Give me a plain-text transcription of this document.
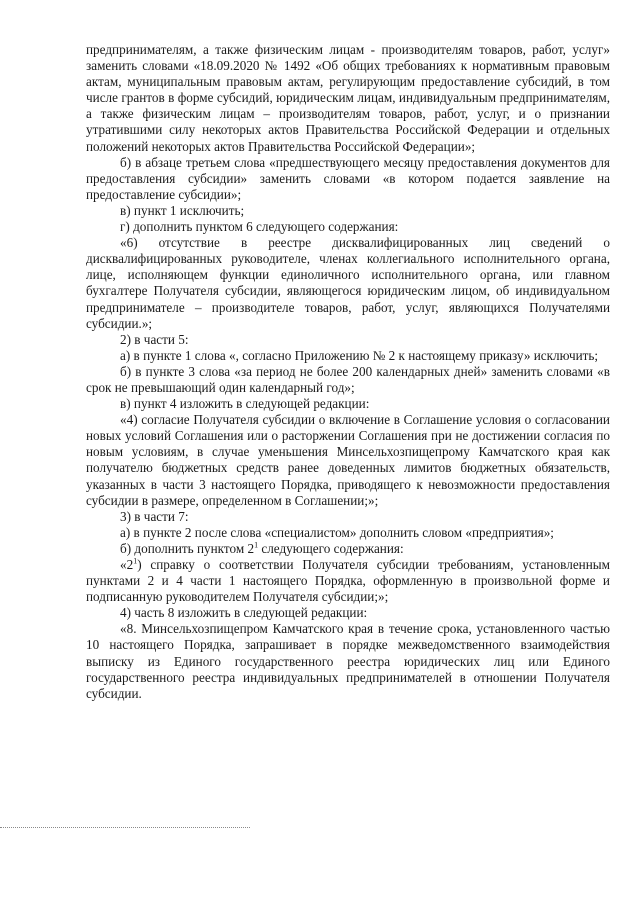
предпринимателям, а также физическим лицам - производителям товаров, работ, услуг» заменить словами «18.09.2020 № 1492 «Об общих требованиях к нормативным правовым актам, муниципальным правовым актам, регулирующим предоставление субсидий, в том числе грантов в форме субсидий, юридическим лицам, индивидуальным предпринимателям, а также физическим лицам – производителям товаров, работ, услуг, и о признании утратившими силу некоторых актов Правительства Российской Федерации и отдельных положений некоторых актов Правительства Российской Федерации»;

б) в абзаце третьем слова «предшествующего месяцу предоставления документов для предоставления субсидии» заменить словами «в котором подается заявление на предоставление субсидии»;

в) пункт 1 исключить;

г) дополнить пунктом 6 следующего содержания:

«6) отсутствие в реестре дисквалифицированных лиц сведений о дисквалифицированных руководителе, членах коллегиального исполнительного органа, лице, исполняющем функции единоличного исполнительного органа, или главном бухгалтере Получателя субсидии, являющегося юридическим лицом, об индивидуальном предпринимателе – производителе товаров, работ, услуг, являющихся Получателями субсидии.»;

2) в части 5:

а) в пункте 1 слова «, согласно Приложению № 2 к настоящему приказу» исключить;

б) в пункте 3 слова «за период не более 200 календарных дней» заменить словами «в срок не превышающий один календарный год»;

в) пункт 4 изложить в следующей редакции:

«4) согласие Получателя субсидии о включение в Соглашение условия о согласовании новых условий Соглашения или о расторжении Соглашения при не достижении согласия по новым условиям, в случае уменьшения Минсельхозпищепрому Камчатского края как получателю бюджетных средств ранее доведенных лимитов бюджетных обязательств, указанных в части 3 настоящего Порядка, приводящего к невозможности предоставления субсидии в размере, определенном в Соглашении;»;

3) в части 7:

а) в пункте 2 после слова «специалистом» дополнить словом «предприятия»;

б) дополнить пунктом $2^1$ следующего содержания:

«$2^1$) справку о соответствии Получателя субсидии требованиям, установленным пунктами 2 и 4 части 1 настоящего Порядка, оформленную в произвольной форме и подписанную руководителем Получателя субсидии;»;

4) часть 8 изложить в следующей редакции:

«8. Минсельхозпищепром Камчатского края в течение срока, установленного частью 10 настоящего Порядка, запрашивает в порядке межведомственного взаимодействия выписку из Единого государственного реестра юридических лиц или Единого государственного реестра индивидуальных предпринимателей в отношении Получателя субсидии.
